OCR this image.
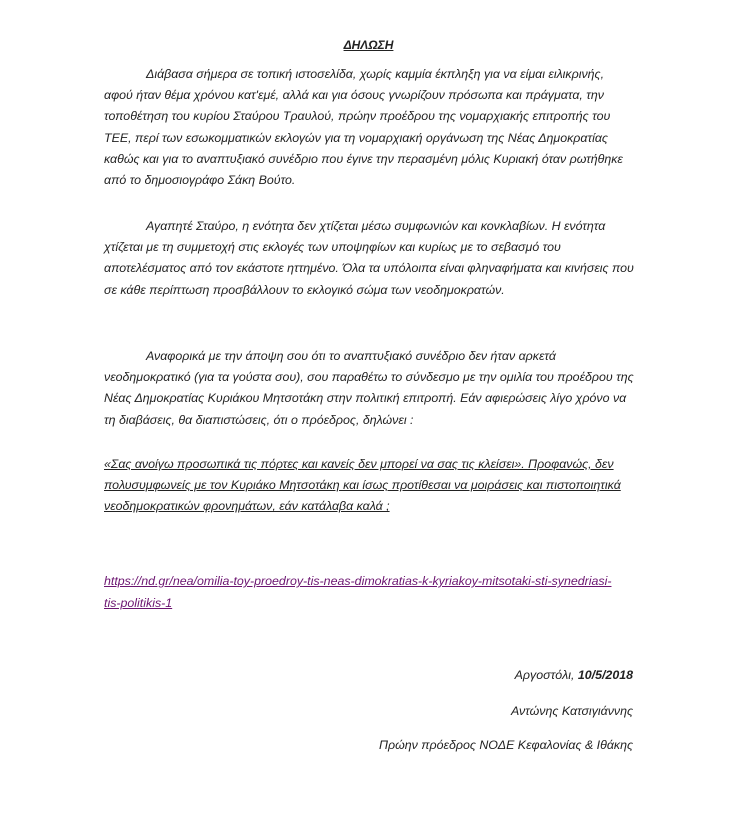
ΔΗΛΩΣΗ

Διάβασα σήμερα σε τοπική ιστοσελίδα, χωρίς καμμία έκπληξη για να είμαι ειλικρινής, αφού ήταν θέμα χρόνου κατ'εμέ, αλλά και για όσους γνωρίζουν πρόσωπα και πράγματα, την τοποθέτηση του κυρίου Σταύρου Τραυλού, πρώην προέδρου της νομαρχιακής επιτροπής του ΤΕΕ, περί των εσωκομματικών εκλογών για τη νομαρχιακή οργάνωση της Νέας Δημοκρατίας καθώς και για το αναπτυξιακό συνέδριο που έγινε την περασμένη μόλις Κυριακή όταν ρωτήθηκε από το δημοσιογράφο Σάκη Βούτο.

Αγαπητέ Σταύρο, η ενότητα δεν χτίζεται μέσω συμφωνιών και κονκλαβίων. Η ενότητα χτίζεται με τη συμμετοχή στις εκλογές των υποψηφίων και κυρίως με το σεβασμό του αποτελέσματος από τον εκάστοτε ηττημένο. Όλα τα υπόλοιπα είναι φληναφήματα και κινήσεις που σε κάθε περίπτωση προσβάλλουν το εκλογικό σώμα των νεοδημοκρατών.

Αναφορικά με την άποψη σου ότι το αναπτυξιακό συνέδριο δεν ήταν αρκετά νεοδημοκρατικό (για τα γούστα σου), σου παραθέτω το σύνδεσμο με την ομιλία του προέδρου της Νέας Δημοκρατίας Κυριάκου Μητσοτάκη στην πολιτική επιτροπή. Εάν αφιερώσεις λίγο χρόνο να τη διαβάσεις, θα διαπιστώσεις, ότι ο πρόεδρος, δηλώνει :

«Σας ανοίγω προσωπικά τις πόρτες και κανείς δεν μπορεί να σας τις κλείσει». Προφανώς, δεν πολυσυμφωνείς με τον Κυριάκο Μητσοτάκη και ίσως προτίθεσαι να μοιράσεις και πιστοποιητικά νεοδημοκρατικών φρονημάτων, εάν κατάλαβα καλά ;

https://nd.gr/nea/omilia-toy-proedroy-tis-neas-dimokratias-k-kyriakoy-mitsotaki-sti-synedriasi-tis-politikis-1
Αργοστόλι, 10/5/2018
Αντώνης Κατσιγιάννης
Πρώην πρόεδρος ΝΟΔΕ Κεφαλονίας & Ιθάκης
